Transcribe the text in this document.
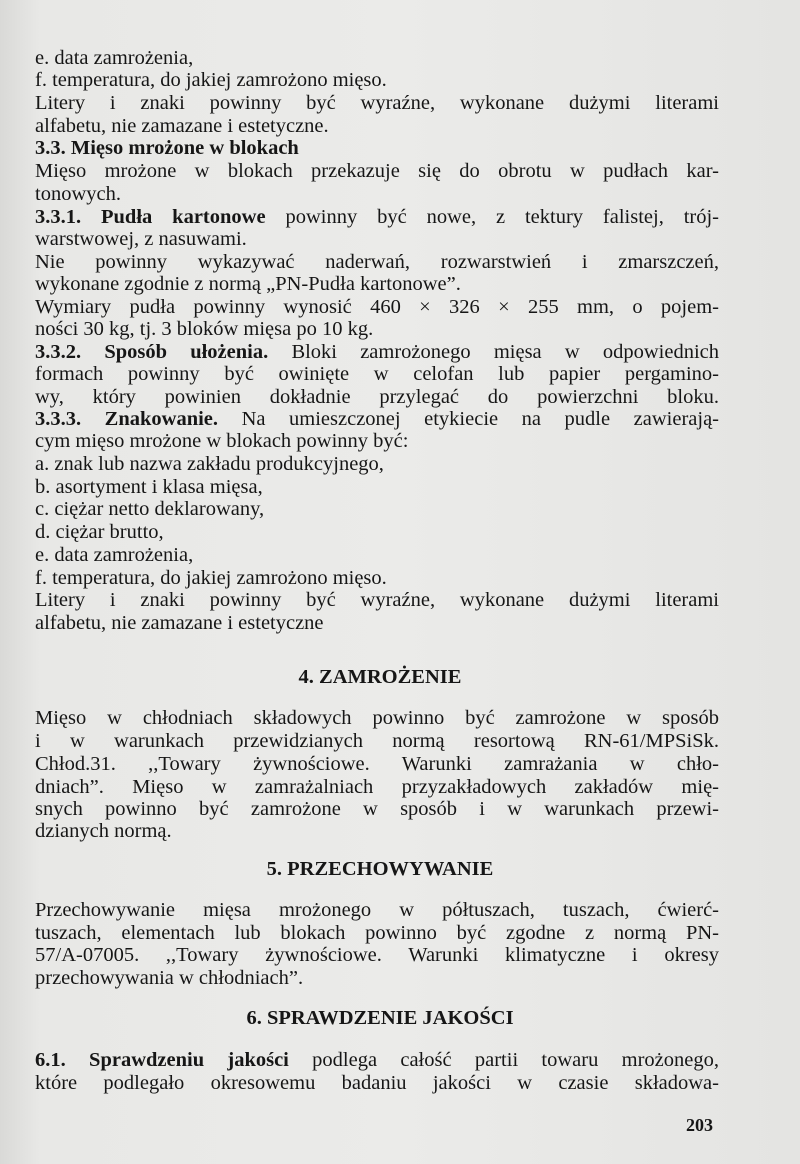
e. data zamrożenia,
f. temperatura, do jakiej zamrożono mięso.
Litery i znaki powinny być wyraźne, wykonane dużymi literami
alfabetu, nie zamazane i estetyczne.
3.3. Mięso mrożone w blokach
Mięso mrożone w blokach przekazuje się do obrotu w pudłach kar-
tonowych.
3.3.1. Pudła kartonowe powinny być nowe, z tektury falistej, trój-
warstwowej, z nasuwami.
Nie powinny wykazywać naderwań, rozwarstwień i zmarszczeń,
wykonane zgodnie z normą „PN-Pudła kartonowe”.
Wymiary pudła powinny wynosić 460 × 326 × 255 mm, o pojem-
ności 30 kg, tj. 3 bloków mięsa po 10 kg.
3.3.2. Sposób ułożenia. Bloki zamrożonego mięsa w odpowiednich
formach powinny być owinięte w celofan lub papier pergamino-
wy, który powinien dokładnie przylegać do powierzchni bloku.
3.3.3. Znakowanie. Na umieszczonej etykiecie na pudle zawierają-
cym mięso mrożone w blokach powinny być:
a. znak lub nazwa zakładu produkcyjnego,
b. asortyment i klasa mięsa,
c. ciężar netto deklarowany,
d. ciężar brutto,
e. data zamrożenia,
f. temperatura, do jakiej zamrożono mięso.
Litery i znaki powinny być wyraźne, wykonane dużymi literami
alfabetu, nie zamazane i estetyczne
4. ZAMROŻENIE
Mięso w chłodniach składowych powinno być zamrożone w sposób
i w warunkach przewidzianych normą resortową RN-61/MPSiSk.
Chłod.31. ,,Towary żywnościowe. Warunki zamrażania w chło-
dniach”. Mięso w zamrażalniach przyzakładowych zakładów mię-
snych powinno być zamrożone w sposób i w warunkach przewi-
dzianych normą.
5. PRZECHOWYWANIE
Przechowywanie mięsa mrożonego w półtuszach, tuszach, ćwierć-
tuszach, elementach lub blokach powinno być zgodne z normą PN-
57/A-07005. ,,Towary żywnościowe. Warunki klimatyczne i okresy
przechowywania w chłodniach”.
6. SPRAWDZENIE JAKOŚCI
6.1. Sprawdzeniu jakości podlega całość partii towaru mrożonego,
które podlegało okresowemu badaniu jakości w czasie składowa-
203
